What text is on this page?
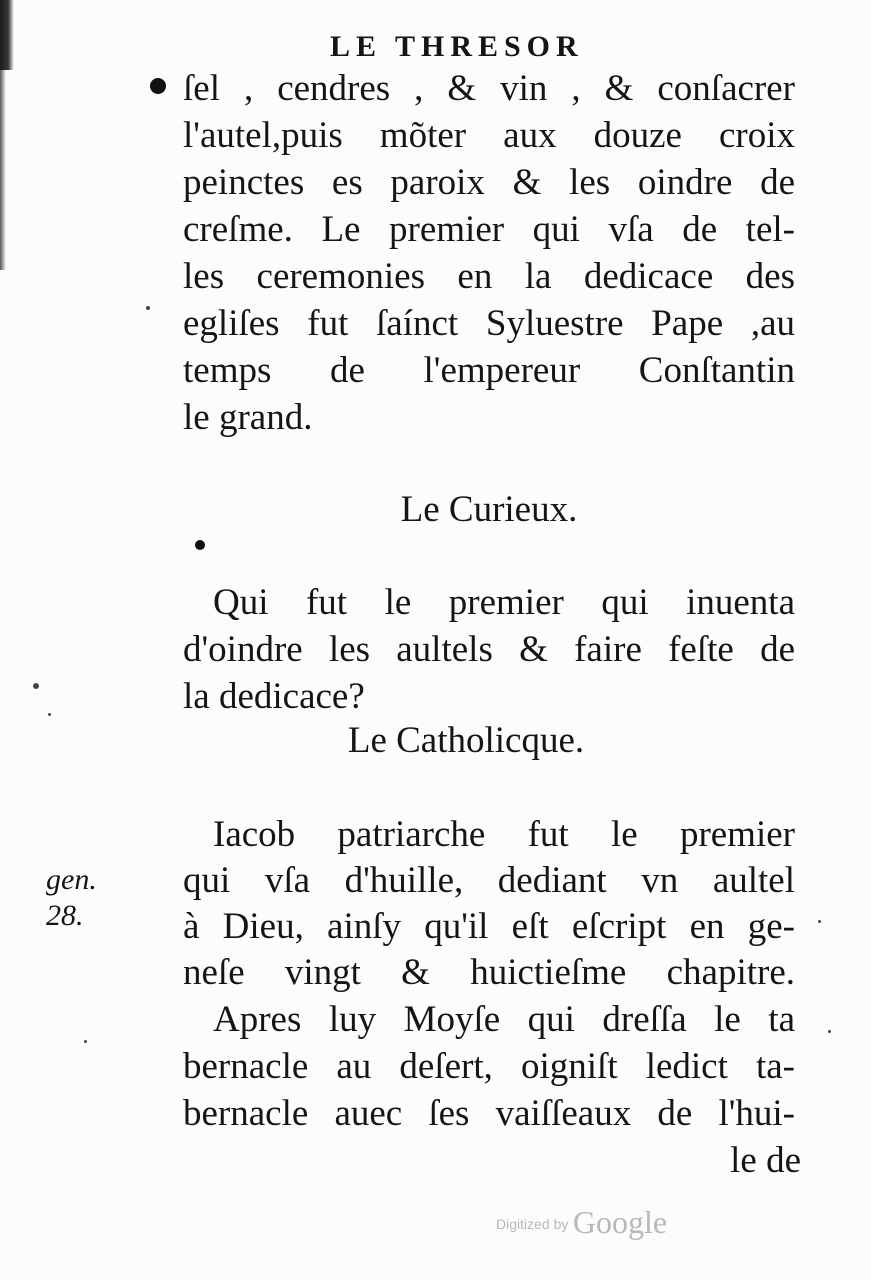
LE THRESOR
ſel , cendres , & vin , & conſacrer
l'autel,puis mõter aux douze croix
peinctes es paroix & les oindre de
creſme. Le premier qui vſa de tel-
les ceremonies en la dedicace des
egliſes fut ſaínct Syluestre Pape ,au
temps de l'empereur Conſtantin
le grand.
Le Curieux.
Qui fut le premier qui inuenta
d'oindre les aultels & faire feſte de
la dedicace?
Le Catholicque.
Iacob patriarche fut le premier
qui vſa d'huille, dediant vn aultel
à Dieu, ainſy qu'il eſt eſcript en ge-
neſe vingt & huictieſme chapitre.
Apres luy Moyſe qui dreſſa le ta
bernacle au deſert, oigniſt ledict ta-
bernacle auec ſes vaiſſeaux de l'hui-
le de
gen.
28.
Digitized by Google
